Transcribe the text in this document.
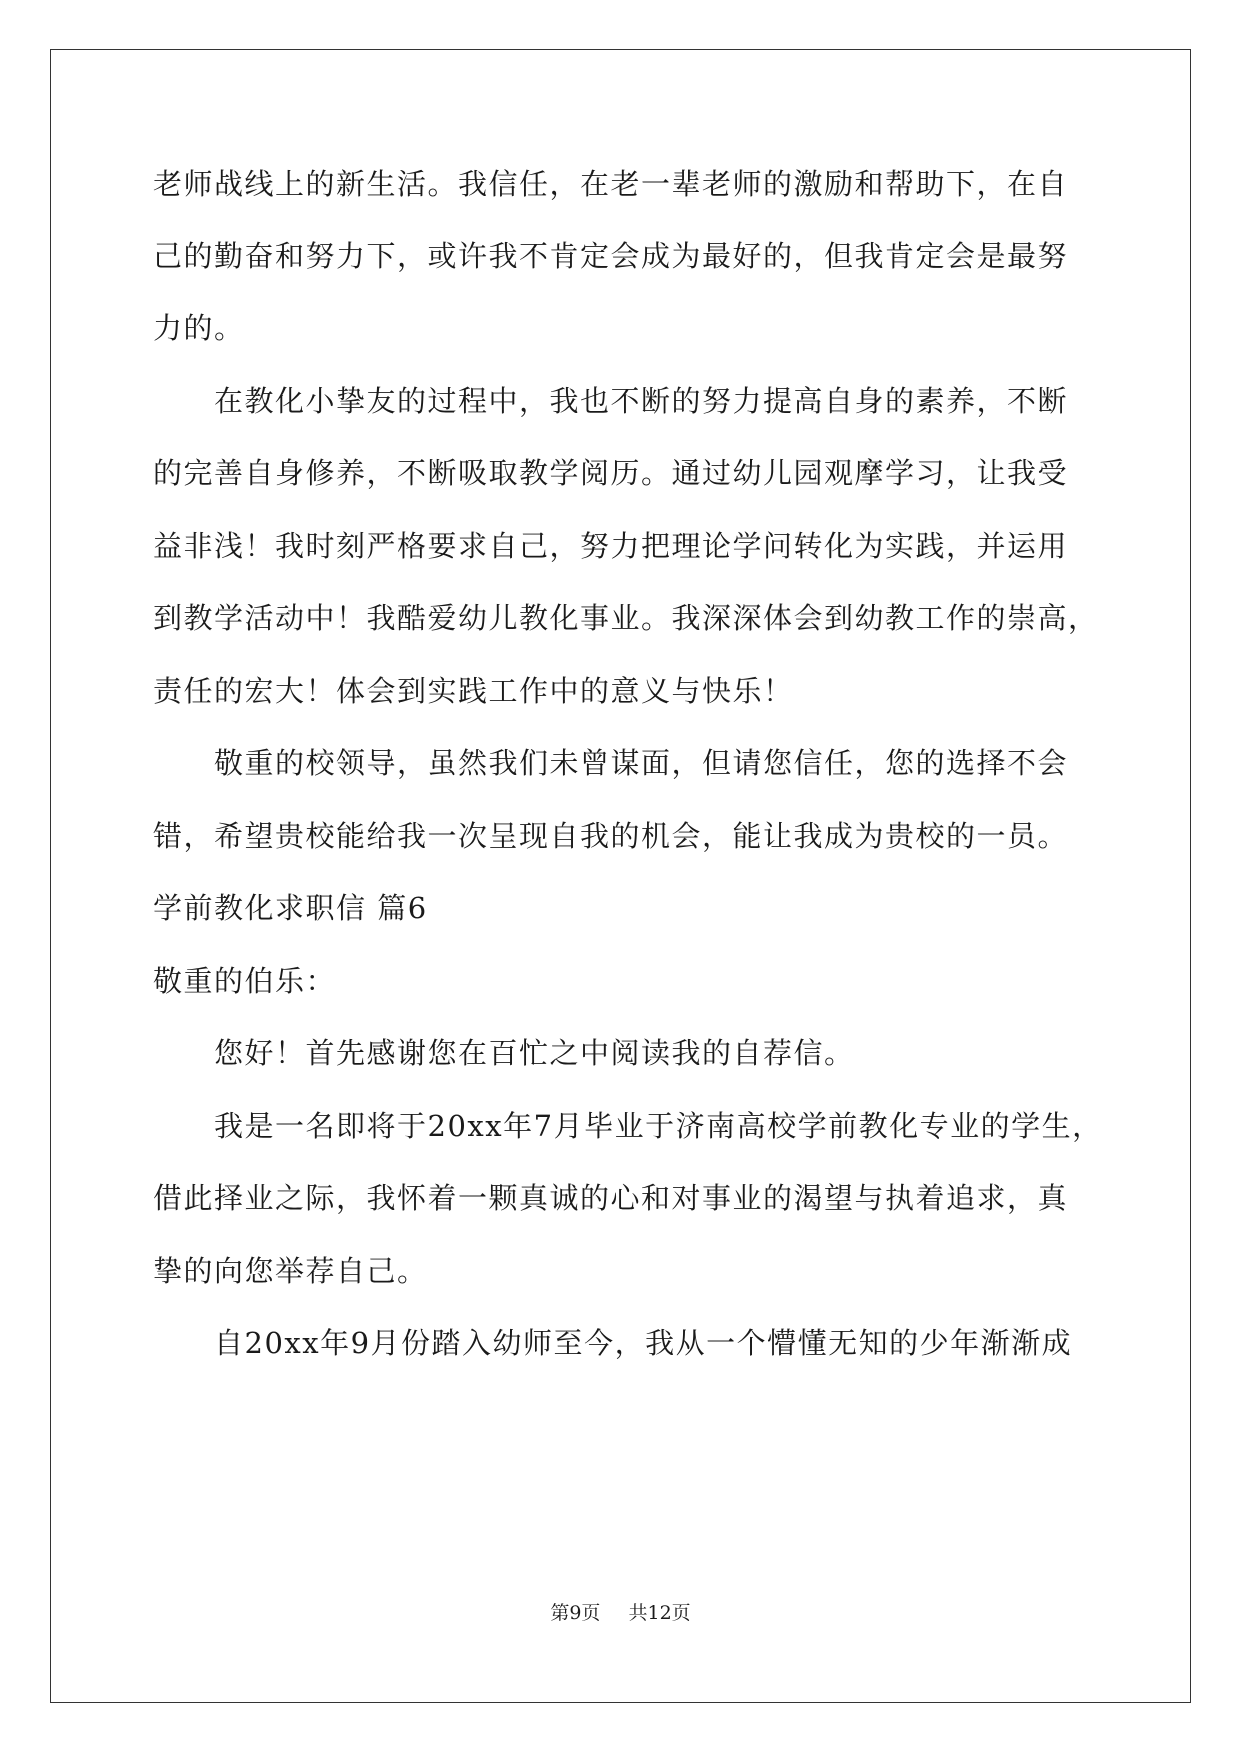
老师战线上的新生活。我信任，在老一辈老师的激励和帮助下，在自
己的勤奋和努力下，或许我不肯定会成为最好的，但我肯定会是最努
力的。
　　在教化小挚友的过程中，我也不断的努力提高自身的素养，不断
的完善自身修养，不断吸取教学阅历。通过幼儿园观摩学习，让我受
益非浅！我时刻严格要求自己，努力把理论学问转化为实践，并运用
到教学活动中！我酷爱幼儿教化事业。我深深体会到幼教工作的崇高，
责任的宏大！体会到实践工作中的意义与快乐！
　　敬重的校领导，虽然我们未曾谋面，但请您信任，您的选择不会
错，希望贵校能给我一次呈现自我的机会，能让我成为贵校的一员。
学前教化求职信 篇6
敬重的伯乐：
　　您好！首先感谢您在百忙之中阅读我的自荐信。
　　我是一名即将于20xx年7月毕业于济南高校学前教化专业的学生，
借此择业之际，我怀着一颗真诚的心和对事业的渴望与执着追求，真
挚的向您举荐自己。
　　自20xx年9月份踏入幼师至今，我从一个懵懂无知的少年渐渐成
第9页 共12页
